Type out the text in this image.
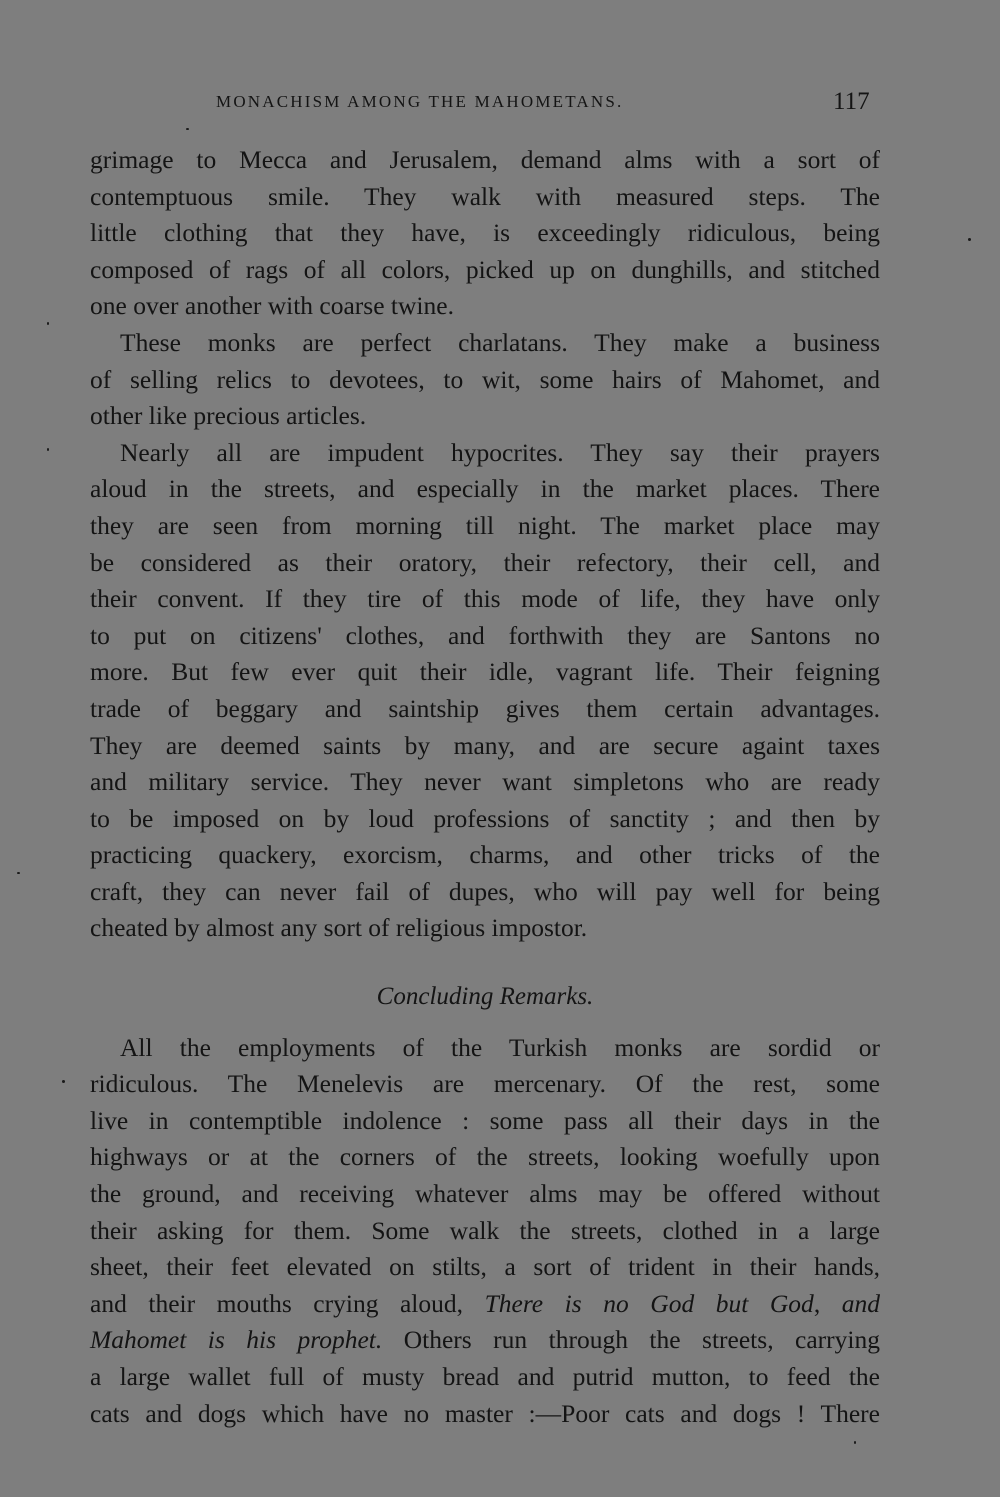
MONACHISM AMONG THE MAHOMETANS.	117
grimage to Mecca and Jerusalem, demand alms with a sort of
contemptuous smile. They walk with measured steps. The
little clothing that they have, is exceedingly ridiculous, being
composed of rags of all colors, picked up on dunghills, and stitched
one over another with coarse twine.
These monks are perfect charlatans. They make a business
of selling relics to devotees, to wit, some hairs of Mahomet, and
other like precious articles.
Nearly all are impudent hypocrites. They say their prayers
aloud in the streets, and especially in the market places. There
they are seen from morning till night. The market place may
be considered as their oratory, their refectory, their cell, and
their convent. If they tire of this mode of life, they have only
to put on citizens' clothes, and forthwith they are Santons no
more. But few ever quit their idle, vagrant life. Their feigning
trade of beggary and saintship gives them certain advantages.
They are deemed saints by many, and are secure againt taxes
and military service. They never want simpletons who are ready
to be imposed on by loud professions of sanctity ; and then by
practicing quackery, exorcism, charms, and other tricks of the
craft, they can never fail of dupes, who will pay well for being
cheated by almost any sort of religious impostor.
Concluding Remarks.
All the employments of the Turkish monks are sordid or
ridiculous. The Menelevis are mercenary. Of the rest, some
live in contemptible indolence : some pass all their days in the
highways or at the corners of the streets, looking woefully upon
the ground, and receiving whatever alms may be offered without
their asking for them. Some walk the streets, clothed in a large
sheet, their feet elevated on stilts, a sort of trident in their hands,
and their mouths crying aloud, There is no God but God, and
Mahomet is his prophet. Others run through the streets, carrying
a large wallet full of musty bread and putrid mutton, to feed the
cats and dogs which have no master :—Poor cats and dogs ! There
